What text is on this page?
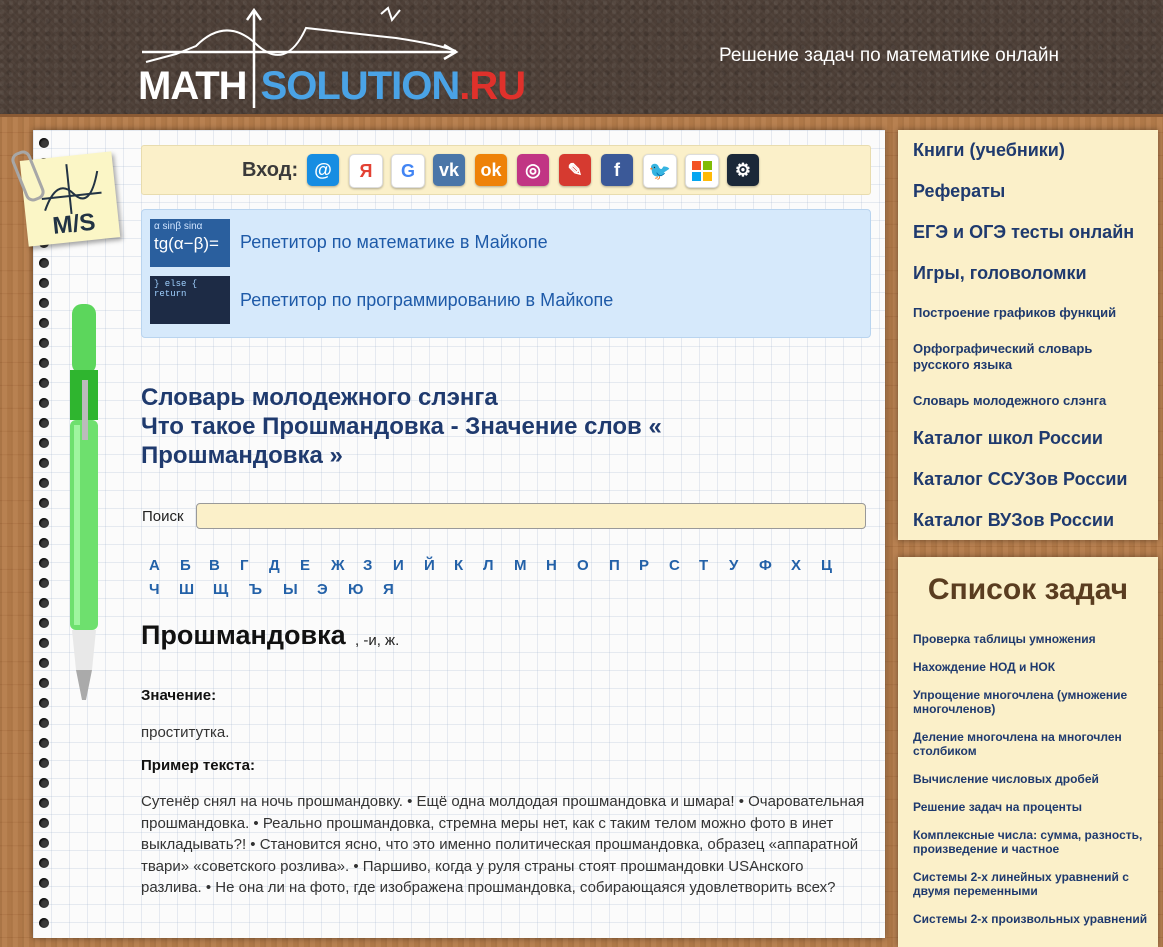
MATH SOLUTION.RU
Решение задач по математике онлайн
M/S
Вход: @	Я	G	vk	ok	◎	✎	f	🐦	⚙
α sinβ sinα
tg(α−β)=	Репетитор по математике в Майкопе
} else { return	Репетитор по программированию в Майкопе
Словарь молодежного слэнга
Что такое Прошмандовка - Значение слов « Прошмандовка »
Поиск
А Б В Г Д Е Ж З И Й К Л М Н О П Р С Т У Ф Х Ц
Ч Ш Щ Ъ Ы Э Ю Я
Прошмандовка , -и, ж.
Значение:
проститутка.
Пример текста:
Сутенёр снял на ночь прошмандовку. • Ещё одна молдодая прошмандовка и шмара! • Очаровательная прошмандовка. • Реально прошмандовка, стремна меры нет, как с таким телом можно фото в инет выкладывать?! • Становится ясно, что это именно политическая прошмандовка, образец «аппаратной твари» «советского розлива». • Паршиво, когда у руля страны стоят прошмандовки USAнского разлива. • Не она ли на фото, где изображена прошмандовка, собирающаяся удовлетворить всех?
Книги (учебники)
Рефераты
ЕГЭ и ОГЭ тесты онлайн
Игры, головоломки
Построение графиков функций
Орфографический словарь русского языка
Словарь молодежного слэнга
Каталог школ России
Каталог ССУЗов России
Каталог ВУЗов России
Список задач
Проверка таблицы умножения
Нахождение НОД и НОК
Упрощение многочлена (умножение многочленов)
Деление многочлена на многочлен столбиком
Вычисление числовых дробей
Решение задач на проценты
Комплексные числа: сумма, разность, произведение и частное
Системы 2-х линейных уравнений с двумя переменными
Системы 2-х произвольных уравнений
